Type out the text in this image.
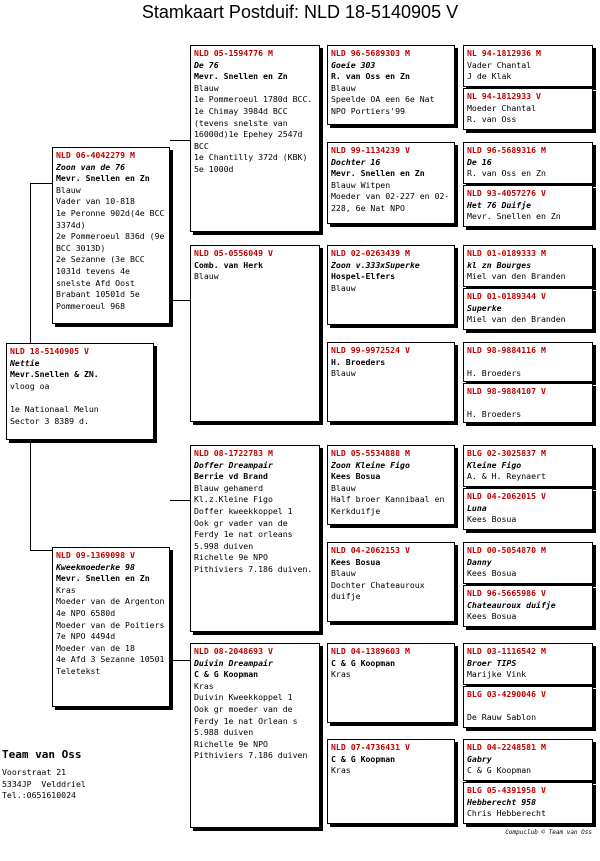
Stamkaart Postduif: NLD 18-5140905 V
NLD 18-5140905 V
Nettie
Mevr.Snellen & ZN.
vloog oa

1e Nationaal Melun
Sector 3 8389 d.
NLD 06-4042279 M
Zoon van de 76
Mevr. Snellen en Zn
Blauw
Vader van 10-818
1e Peronne 902d(4e BCC 3374d)
2e Pommeroeul 836d (9e BCC 3013D)
2e Sezanne (3e BCC 1031d tevens 4e snelste Afd Oost Brabant 10501d 5e Pommeroeul 968
NLD 09-1369098 V
Kweekmoederke 98
Mevr. Snellen en Zn
Kras
Moeder van de Argenton
4e NPO 6580d
Moeder van de Poitiers
7e NPO 4494d
Moeder van de 18
4e Afd 3 Sezanne 10501 Teletekst
NLD 05-1594776 M
De 76
Mevr. Snellen en Zn
Blauw
1e Pommeroeul 1780d BCC.
1e Chimay 3984d BCC (tevens snelste van 16000d)1e Epehey 2547d BCC
1e Chantilly 372d (KBK) 5e 1000d
NLD 05-0556049 V
Comb. van Herk
Blauw
NLD 08-1722783 M
Doffer Dreampair
Berrie vd Brand
Blauw gehamerd
Kl.z.Kleine Figo
Doffer kweekkoppel 1
Ook gr vader van de Ferdy 1e nat orleans 5.998 duiven
Richelle 9e NPO Pithiviers 7.186 duiven.
NLD 08-2048693 V
Duivin Dreampair
C & G Koopman
Kras
Duivin Kweekkoppel 1
Ook gr moeder van de Ferdy 1e nat Orlean s 5.988 duiven
Richelle 9e NPO Pithiviers 7.186 duiven
NLD 96-5689303 M
Goeie 303
R. van Oss en Zn
Blauw
Speelde OA een 6e Nat NPO Portiers'99
NLD 99-1134239 V
Dochter 16
Mevr. Snellen en Zn
Blauw Witpen
Moeder van 02-227 en 02-228, 6e Nat NPO
NLD 02-0263439 M
Zoon v.333xSuperke
Hospel-Elfers
Blauw
NLD 99-9972524 V
H. Broeders
Blauw
NLD 05-5534888 M
Zoon Kleine Figo
Kees Bosua
Blauw
Half broer Kannibaal en Kerkduifje
NLD 04-2062153 V
Kees Bosua
Blauw
Dochter Chateauroux duifje
NLD 04-1389603 M
C & G Koopman
Kras
NLD 07-4736431 V
C & G Koopman
Kras
NL 94-1812936 M
Vader Chantal
J de Klak
NL 94-1812933 V
Moeder Chantal
R. van Oss
NLD 96-5689316 M
De 16
R. van Oss en Zn
NLD 93-4057276 V
Het 76 Duifje
Mevr. Snellen en Zn
NLD 01-0189333 M
kl zn Bourges
Miel van den Branden
NLD 01-0189344 V
Superke
Miel van den Branden
NLD 98-9884116 M
H. Broeders
NLD 98-9884107 V
H. Broeders
BLG 02-3025837 M
Kleine Figo
A. & H. Reynaert
NLD 04-2062015 V
Luna
Kees Bosua
NLD 00-5054870 M
Danny
Kees Bosua
NLD 96-5665986 V
Chateauroux duifje
Kees Bosua
NLD 03-1116542 M
Broer TIPS
Marijke Vink
BLG 03-4290046 V
De Rauw Sablon
NLD 04-2248581 M
Gabry
C & G Koopman
BLG 05-4391958 V
Hebberecht 958
Chris Hebberecht
Team van Oss
Voorstraat 21
5334JP  Velddriel
Tel.:0651610024
Compuclub © Team van Oss
